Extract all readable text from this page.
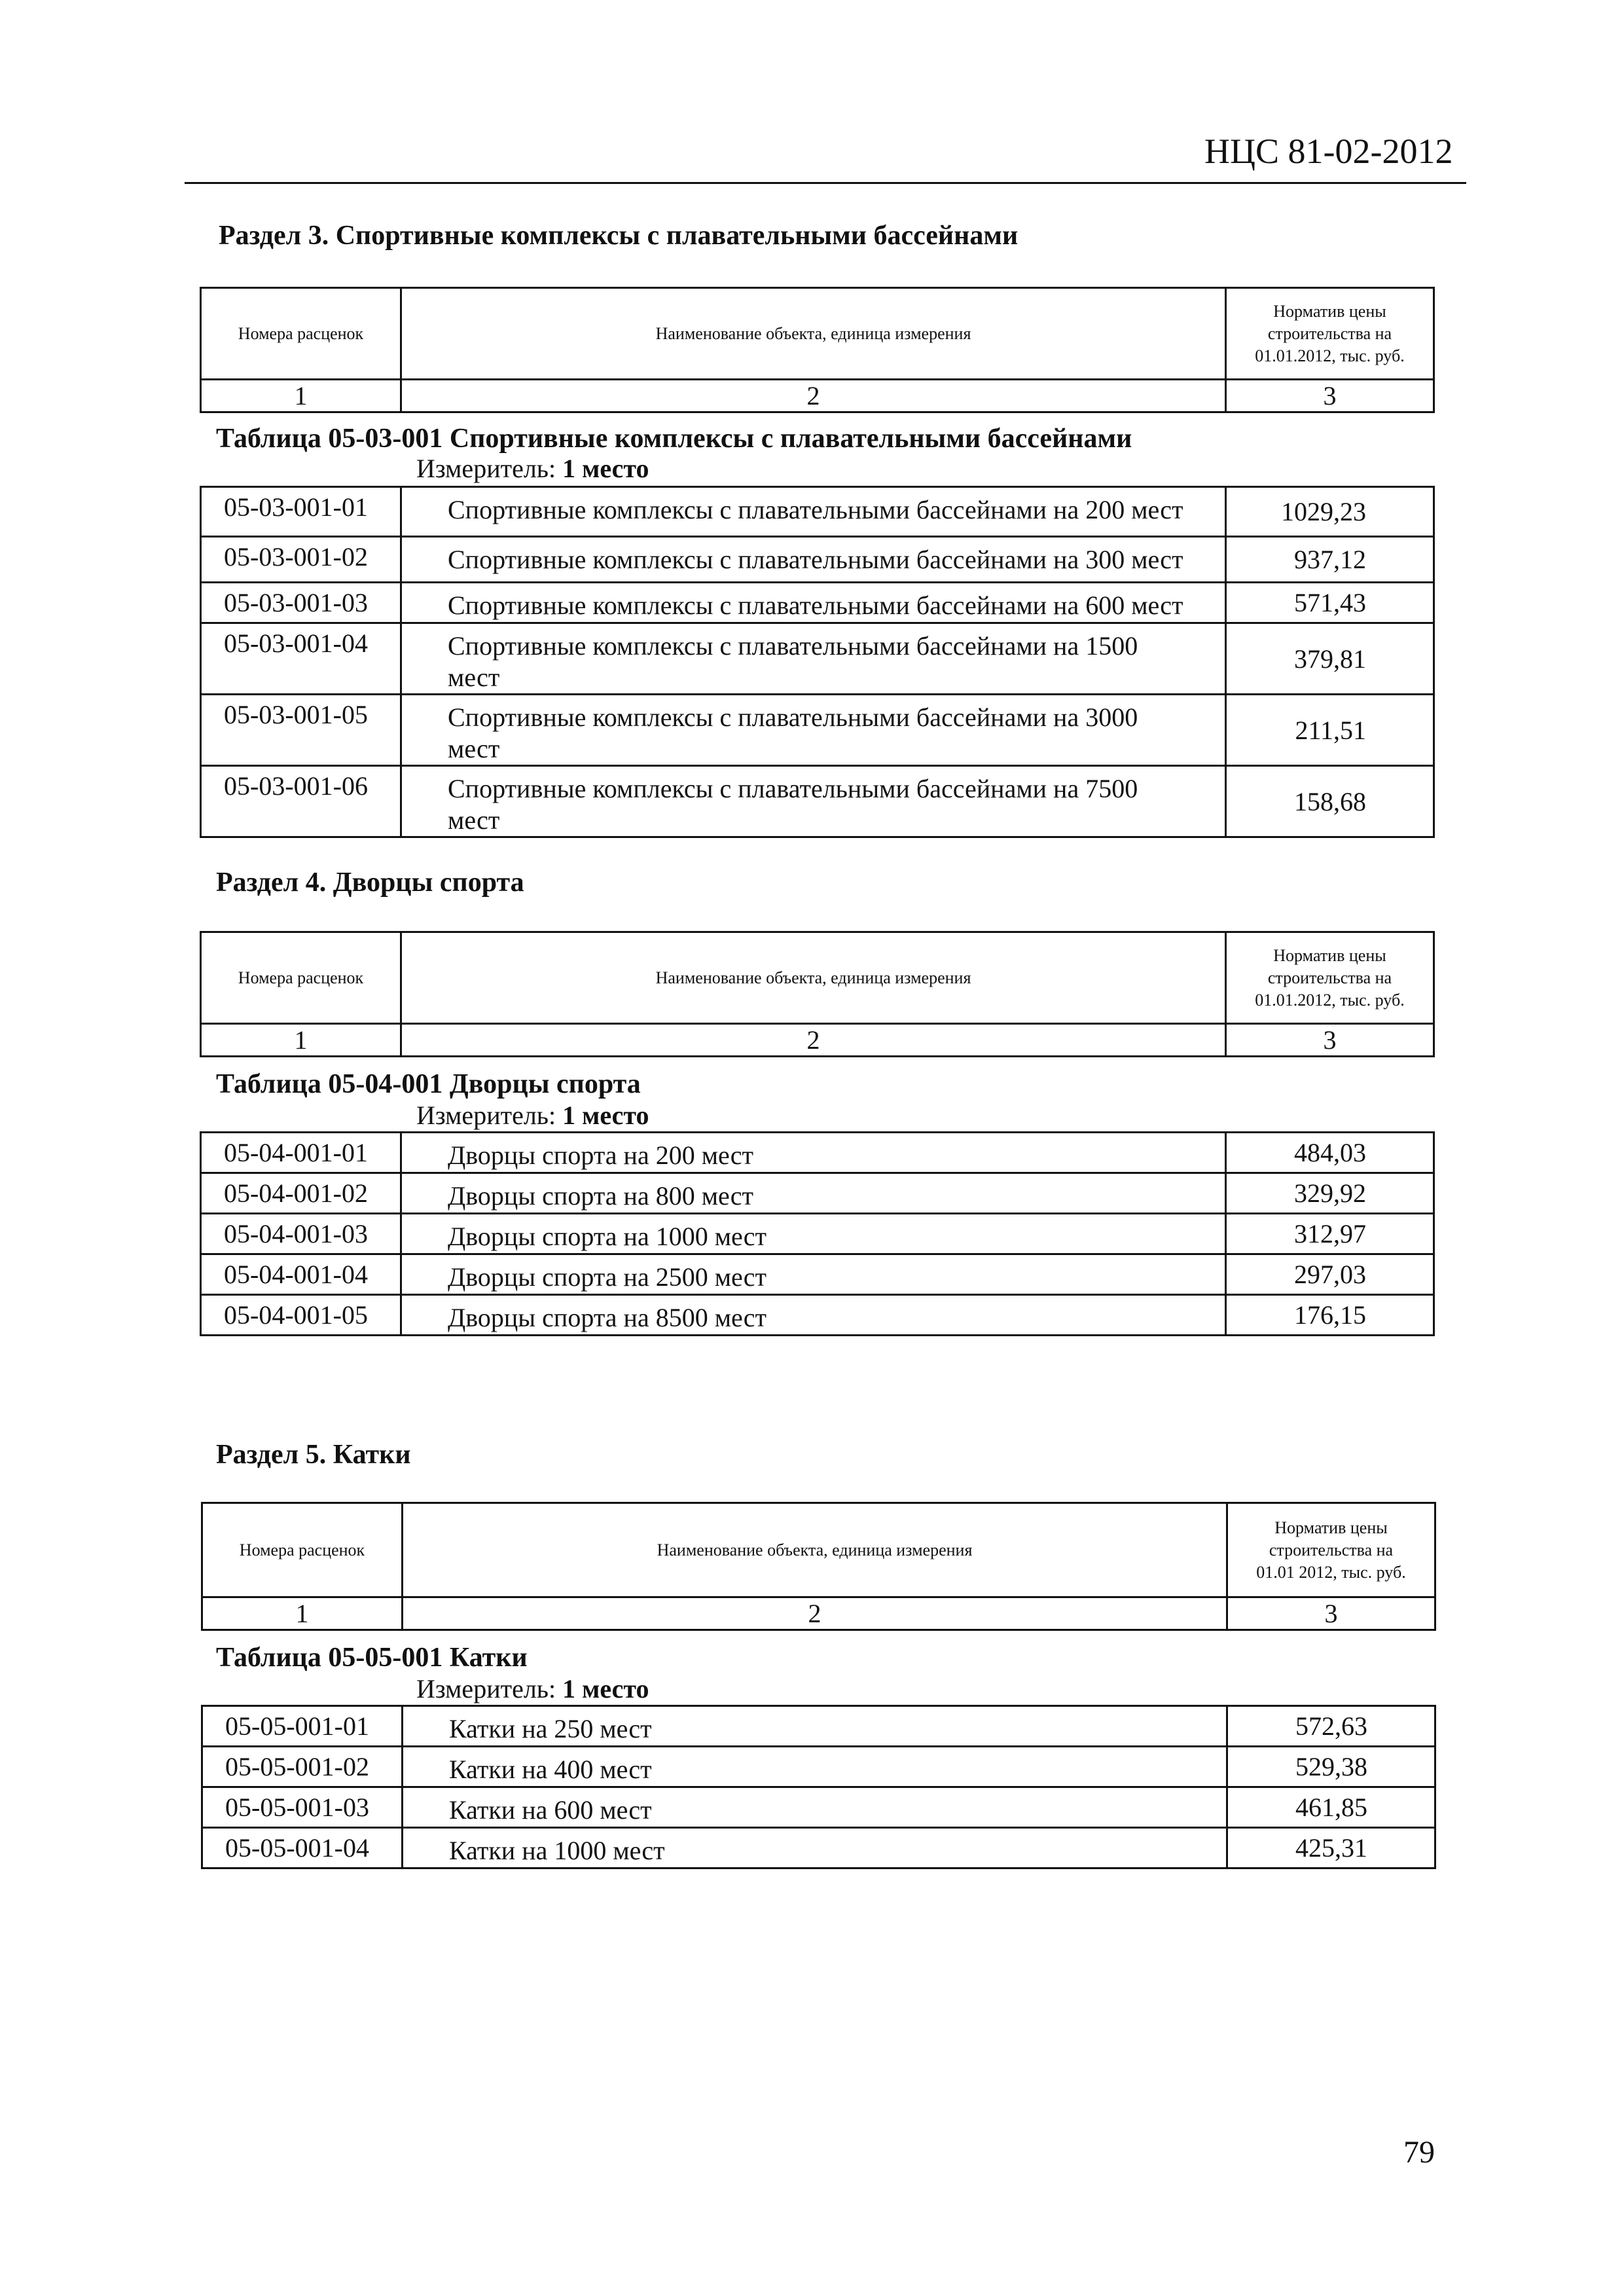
НЦС 81-02-2012
Раздел 3. Спортивные комплексы с плавательными бассейнами
Номера расценок	Наименование объекта, единица измерения	Норматив цены строительства на 01.01.2012, тыс. руб.

1	2	3
Таблица 05-03-001 Спортивные комплексы с плавательными бассейнами
Измеритель: 1 место
05-03-001-01	Спортивные комплексы с плавательными бассейнами на 200 мест	1029,23
05-03-001-02	Спортивные комплексы с плавательными бассейнами на 300 мест	937,12
05-03-001-03	Спортивные комплексы с плавательными бассейнами на 600 мест	571,43
05-03-001-04	Спортивные комплексы с плавательными бассейнами на 1500 мест	379,81
05-03-001-05	Спортивные комплексы с плавательными бассейнами на 3000 мест	211,51
05-03-001-06	Спортивные комплексы с плавательными бассейнами на 7500 мест	158,68
Раздел 4. Дворцы спорта
Номера расценок	Наименование объекта, единица измерения	Норматив цены строительства на 01.01.2012, тыс. руб.

1	2	3
Таблица 05-04-001 Дворцы спорта
Измеритель: 1 место
05-04-001-01	Дворцы спорта на 200 мест	484,03
05-04-001-02	Дворцы спорта на 800 мест	329,92
05-04-001-03	Дворцы спорта на 1000 мест	312,97
05-04-001-04	Дворцы спорта на 2500 мест	297,03
05-04-001-05	Дворцы спорта на 8500 мест	176,15
Раздел 5. Катки
Номера расценок	Наименование объекта, единица измерения	Норматив цены строительства на 01.01 2012, тыс. руб.

1	2	3
Таблица 05-05-001 Катки
Измеритель: 1 место
05-05-001-01	Катки на 250 мест	572,63
05-05-001-02	Катки на 400 мест	529,38
05-05-001-03	Катки на 600 мест	461,85
05-05-001-04	Катки на 1000 мест	425,31
79
